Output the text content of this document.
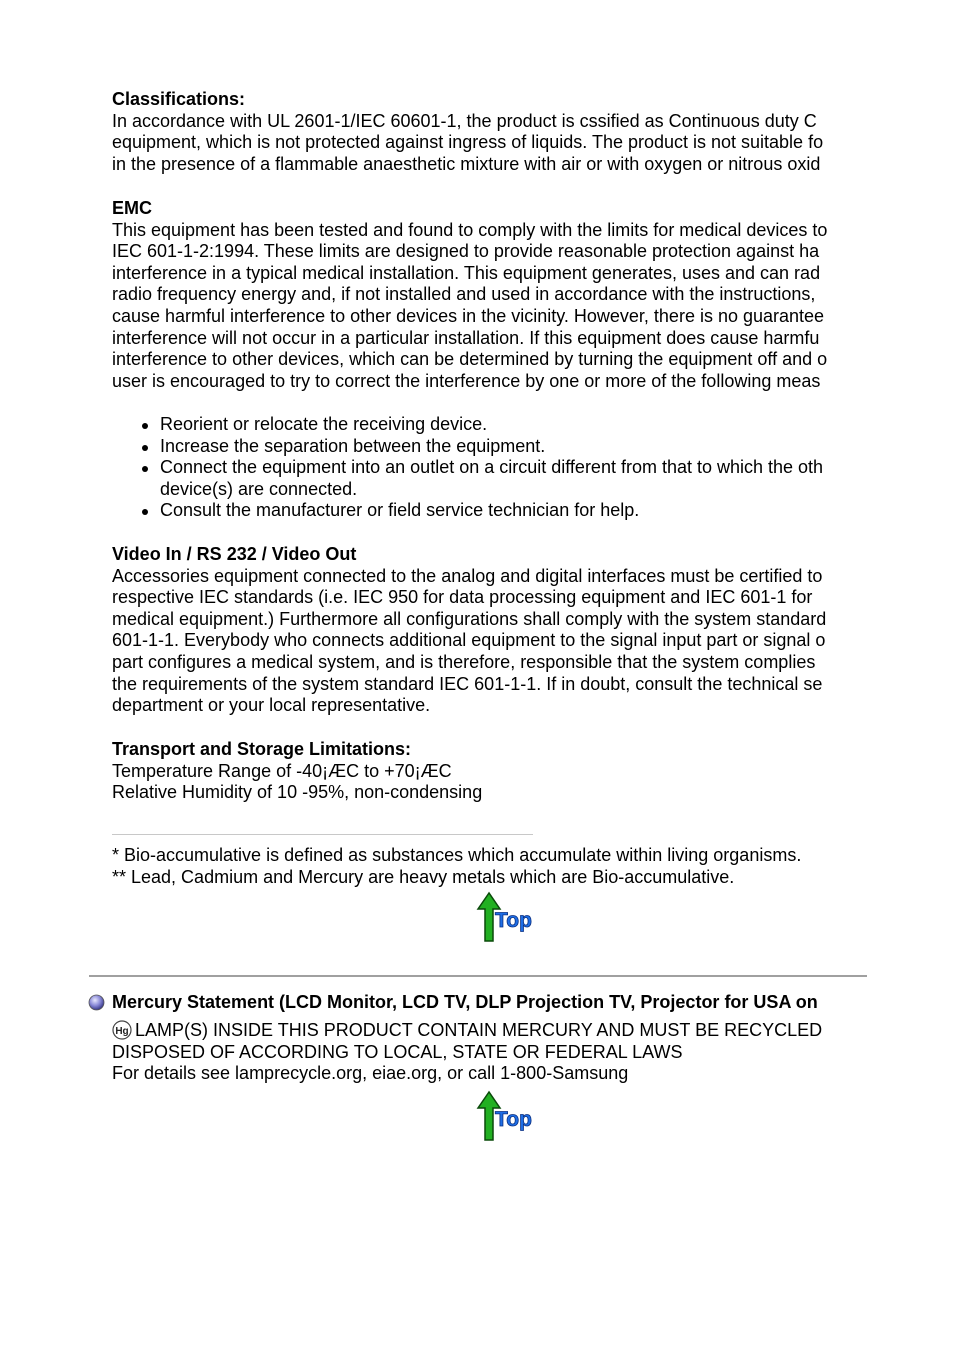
Classifications:
In accordance with UL 2601-1/IEC 60601-1, the product is cssified as Continuous duty C
equipment, which is not protected against ingress of liquids. The product is not suitable fo
in the presence of a flammable anaesthetic mixture with air or with oxygen or nitrous oxid
EMC
This equipment has been tested and found to comply with the limits for medical devices to
IEC 601-1-2:1994. These limits are designed to provide reasonable protection against ha
interference in a typical medical installation. This equipment generates, uses and can rad
radio frequency energy and, if not installed and used in accordance with the instructions,
cause harmful interference to other devices in the vicinity. However, there is no guarantee
interference will not occur in a particular installation. If this equipment does cause harmfu
interference to other devices, which can be determined by turning the equipment off and o
user is encouraged to try to correct the interference by one or more of the following meas
Reorient or relocate the receiving device.
Increase the separation between the equipment.
Connect the equipment into an outlet on a circuit different from that to which the oth
device(s) are connected.
Consult the manufacturer or field service technician for help.
Video In / RS 232 / Video Out
Accessories equipment connected to the analog and digital interfaces must be certified to
respective IEC standards (i.e. IEC 950 for data processing equipment and IEC 601-1 for
medical equipment.) Furthermore all configurations shall comply with the system standard
601-1-1. Everybody who connects additional equipment to the signal input part or signal o
part configures a medical system, and is therefore, responsible that the system complies
the requirements of the system standard IEC 601-1-1. If in doubt, consult the technical se
department or your local representative.
Transport and Storage Limitations:
Temperature Range of -40¡ÆC to +70¡ÆC
Relative Humidity of 10 -95%, non-condensing
* Bio-accumulative is defined as substances which accumulate within living organisms.
** Lead, Cadmium and Mercury are heavy metals which are Bio-accumulative.
Top
Mercury Statement (LCD Monitor, LCD TV, DLP Projection TV, Projector for USA on
Hg LAMP(S) INSIDE THIS PRODUCT CONTAIN MERCURY AND MUST BE RECYCLED
DISPOSED OF ACCORDING TO LOCAL, STATE OR FEDERAL LAWS
For details see lamprecycle.org, eiae.org, or call 1-800-Samsung
Top
